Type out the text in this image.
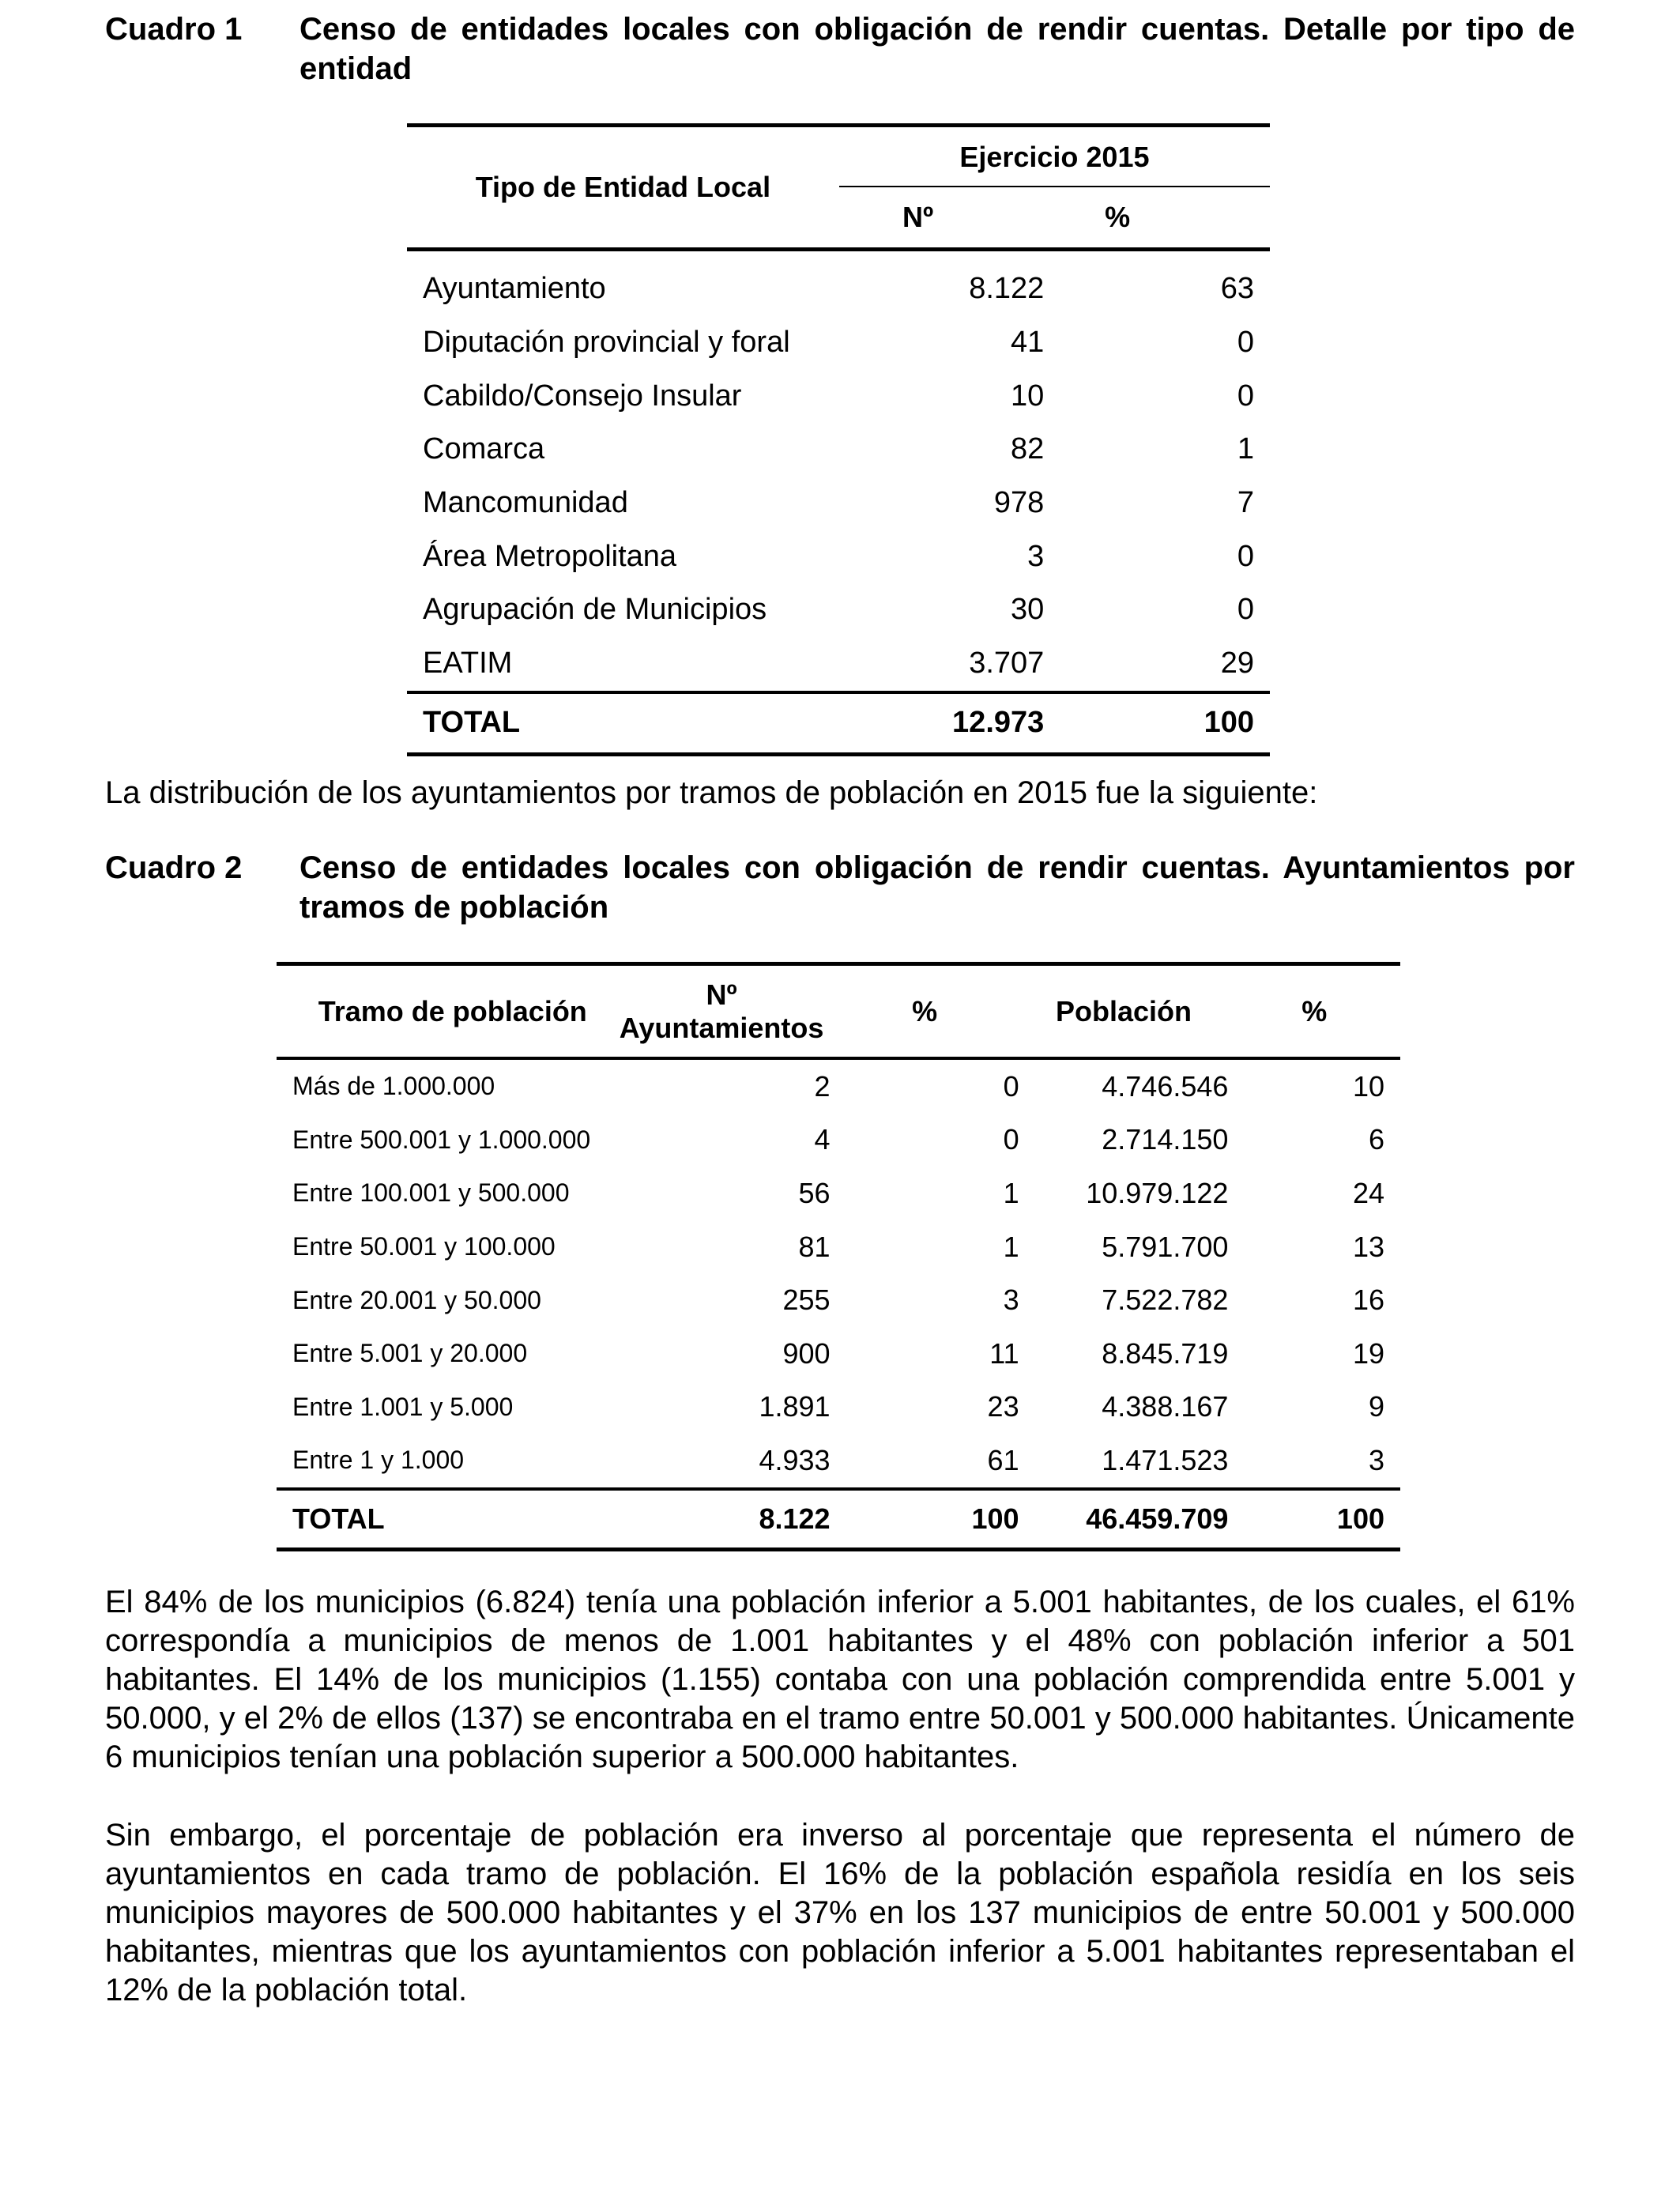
Cuadro 1 Censo de entidades locales con obligación de rendir cuentas. Detalle por tipo de entidad
Tipo de Entidad Local	Ejercicio 2015	

	Nº	%
Ayuntamiento	8.122	63
Diputación provincial y foral	41	0
Cabildo/Consejo Insular	10	0
Comarca	82	1
Mancomunidad	978	7
Área Metropolitana	3	0
Agrupación de Municipios	30	0
EATIM	3.707	29
TOTAL	12.973	100
La distribución de los ayuntamientos por tramos de población en 2015 fue la siguiente:
Cuadro 2 Censo de entidades locales con obligación de rendir cuentas. Ayuntamientos por tramos de población
Tramo de población	Nº Ayuntamientos	%	Población	%
Más de 1.000.000	2	0	4.746.546	10
Entre 500.001 y 1.000.000	4	0	2.714.150	6
Entre 100.001 y 500.000	56	1	10.979.122	24
Entre 50.001 y 100.000	81	1	5.791.700	13
Entre 20.001 y 50.000	255	3	7.522.782	16
Entre 5.001 y 20.000	900	11	8.845.719	19
Entre 1.001 y 5.000	1.891	23	4.388.167	9
Entre 1 y 1.000	4.933	61	1.471.523	3
TOTAL	8.122	100	46.459.709	100
El 84% de los municipios (6.824) tenía una población inferior a 5.001 habitantes, de los cuales, el 61% correspondía a municipios de menos de 1.001 habitantes y el 48% con población inferior a 501 habitantes. El 14% de los municipios (1.155) contaba con una población comprendida entre 5.001 y 50.000, y el 2% de ellos (137) se encontraba en el tramo entre 50.001 y 500.000 habitantes. Únicamente 6 municipios tenían una población superior a 500.000 habitantes.
Sin embargo, el porcentaje de población era inverso al porcentaje que representa el número de ayuntamientos en cada tramo de población. El 16% de la población española residía en los seis municipios mayores de 500.000 habitantes y el 37% en los 137 municipios de entre 50.001 y 500.000 habitantes, mientras que los ayuntamientos con población inferior a 5.001 habitantes representaban el 12% de la población total.
